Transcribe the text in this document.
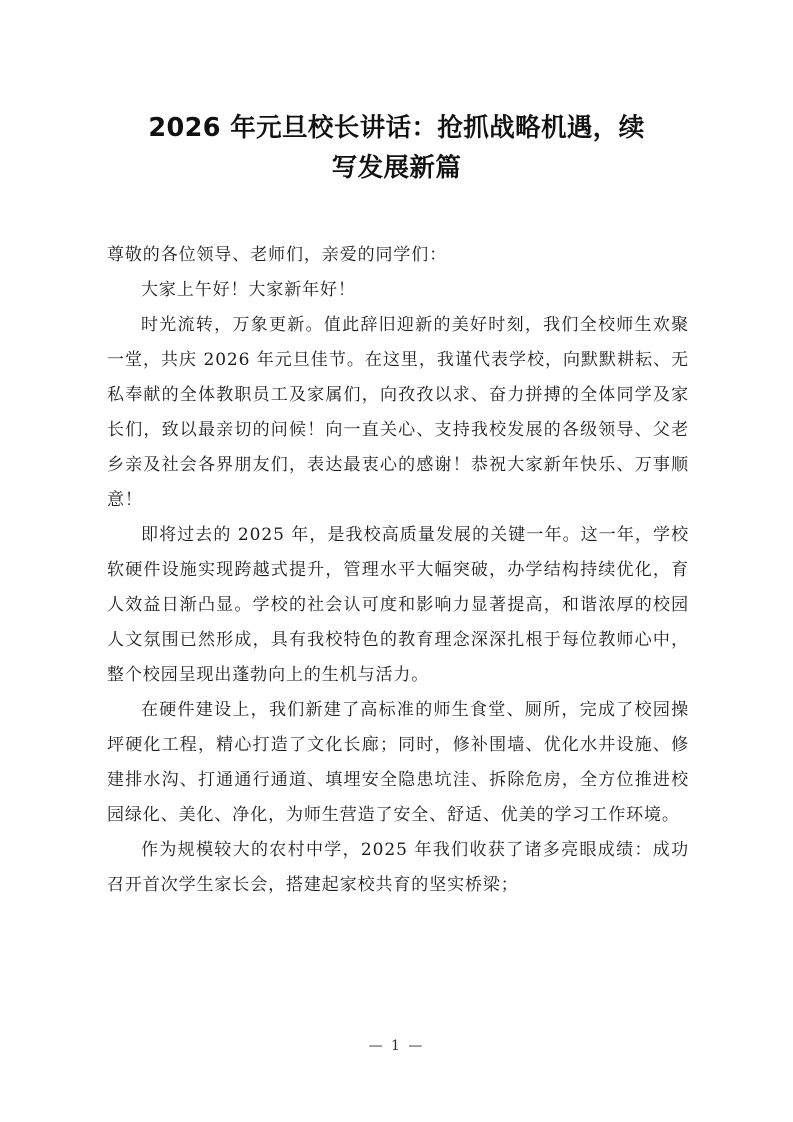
2026 年元旦校长讲话：抢抓战略机遇，续
写发展新篇

尊敬的各位领导、老师们，亲爱的同学们：

大家上午好！大家新年好！

时光流转，万象更新。值此辞旧迎新的美好时刻，我们全校师生欢聚一堂，共庆 2026 年元旦佳节。在这里，我谨代表学校，向默默耕耘、无私奉献的全体教职员工及家属们，向孜孜以求、奋力拼搏的全体同学及家长们，致以最亲切的问候！向一直关心、支持我校发展的各级领导、父老乡亲及社会各界朋友们，表达最衷心的感谢！恭祝大家新年快乐、万事顺意！

即将过去的 2025 年，是我校高质量发展的关键一年。这一年，学校软硬件设施实现跨越式提升，管理水平大幅突破，办学结构持续优化，育人效益日渐凸显。学校的社会认可度和影响力显著提高，和谐浓厚的校园人文氛围已然形成，具有我校特色的教育理念深深扎根于每位教师心中，整个校园呈现出蓬勃向上的生机与活力。

在硬件建设上，我们新建了高标准的师生食堂、厕所，完成了校园操坪硬化工程，精心打造了文化长廊；同时，修补围墙、优化水井设施、修建排水沟、打通通行通道、填埋安全隐患坑洼、拆除危房，全方位推进校园绿化、美化、净化，为师生营造了安全、舒适、优美的学习工作环境。

作为规模较大的农村中学，2025 年我们收获了诸多亮眼成绩：成功召开首次学生家长会，搭建起家校共育的坚实桥梁；

— 1 —
